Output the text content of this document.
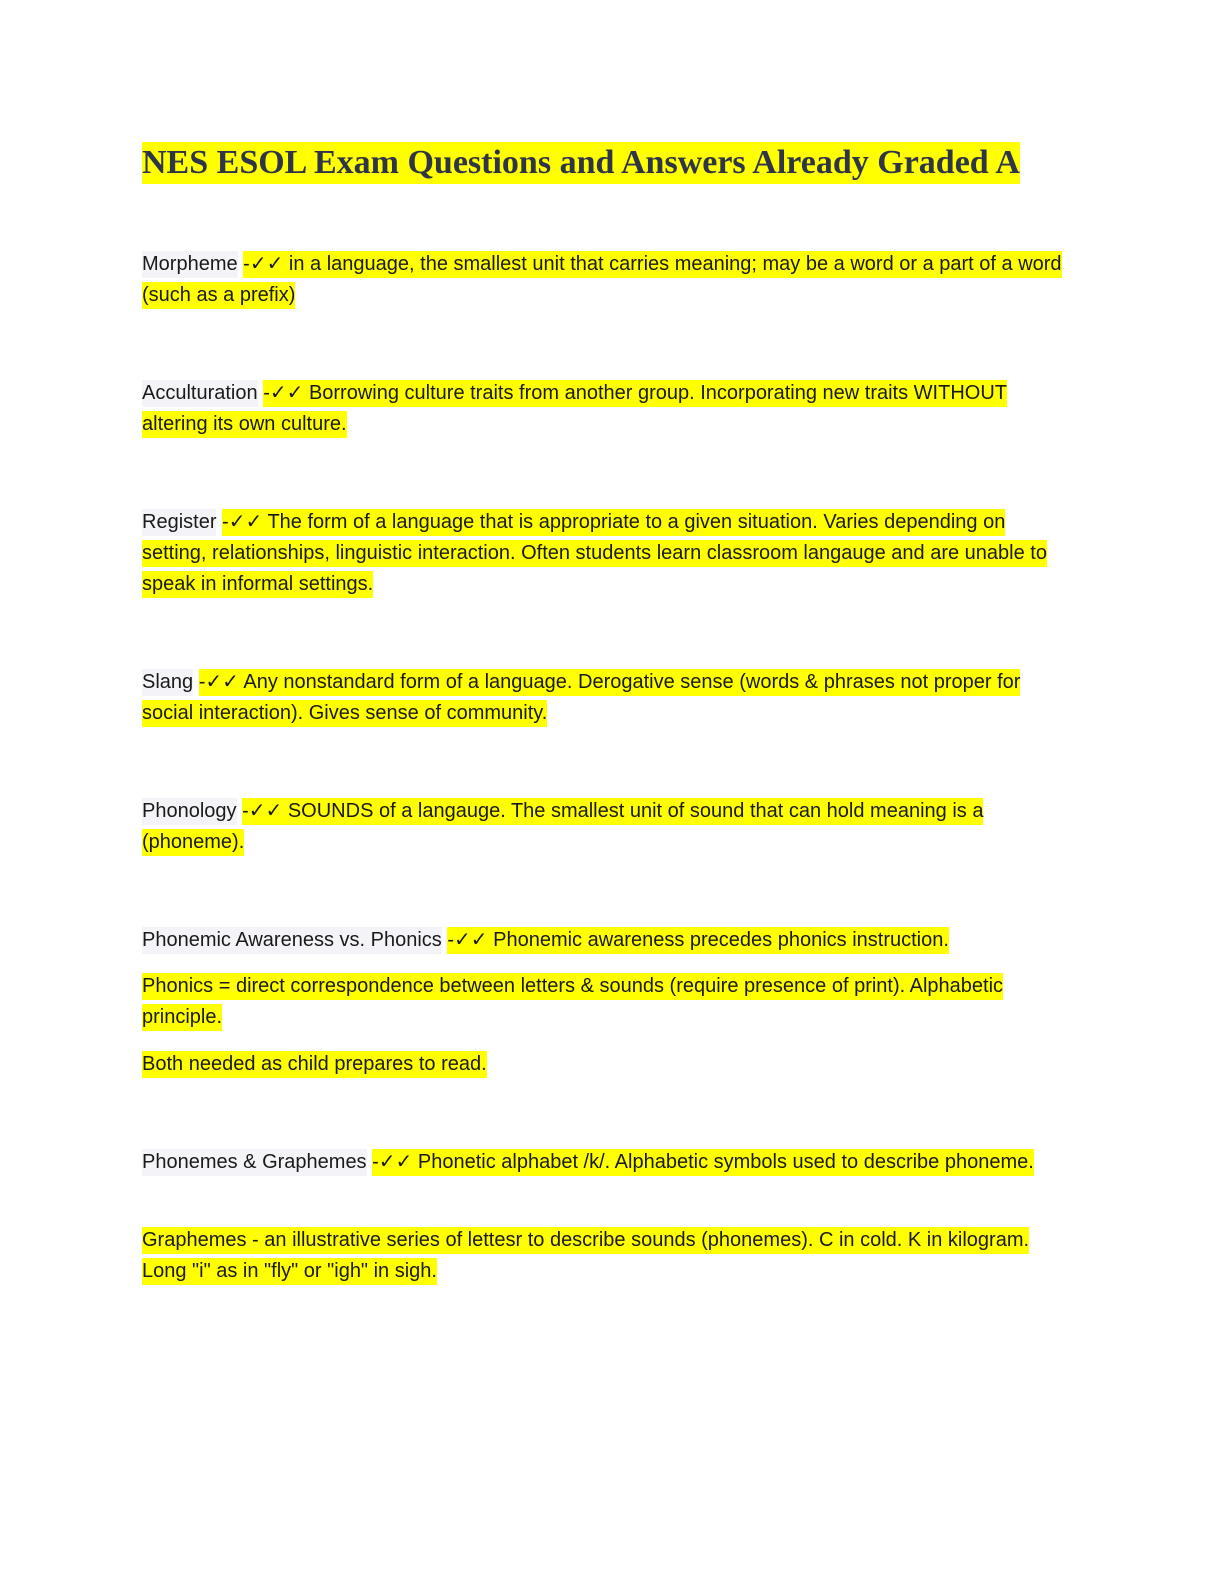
NES ESOL Exam Questions and Answers Already Graded A

Morpheme -✓✓ in a language, the smallest unit that carries meaning; may be a word or a part of a word (such as a prefix)

Acculturation -✓✓ Borrowing culture traits from another group. Incorporating new traits WITHOUT altering its own culture.

Register -✓✓ The form of a language that is appropriate to a given situation. Varies depending on setting, relationships, linguistic interaction. Often students learn classroom langauge and are unable to speak in informal settings.

Slang -✓✓ Any nonstandard form of a language. Derogative sense (words & phrases not proper for social interaction). Gives sense of community.

Phonology -✓✓ SOUNDS of a langauge. The smallest unit of sound that can hold meaning is a (phoneme).

Phonemic Awareness vs. Phonics -✓✓ Phonemic awareness precedes phonics instruction.

Phonics = direct correspondence between letters & sounds (require presence of print). Alphabetic principle.

Both needed as child prepares to read.

Phonemes & Graphemes -✓✓ Phonetic alphabet /k/. Alphabetic symbols used to describe phoneme.

Graphemes - an illustrative series of lettesr to describe sounds (phonemes). C in cold. K in kilogram. Long "i" as in "fly" or "igh" in sigh.
